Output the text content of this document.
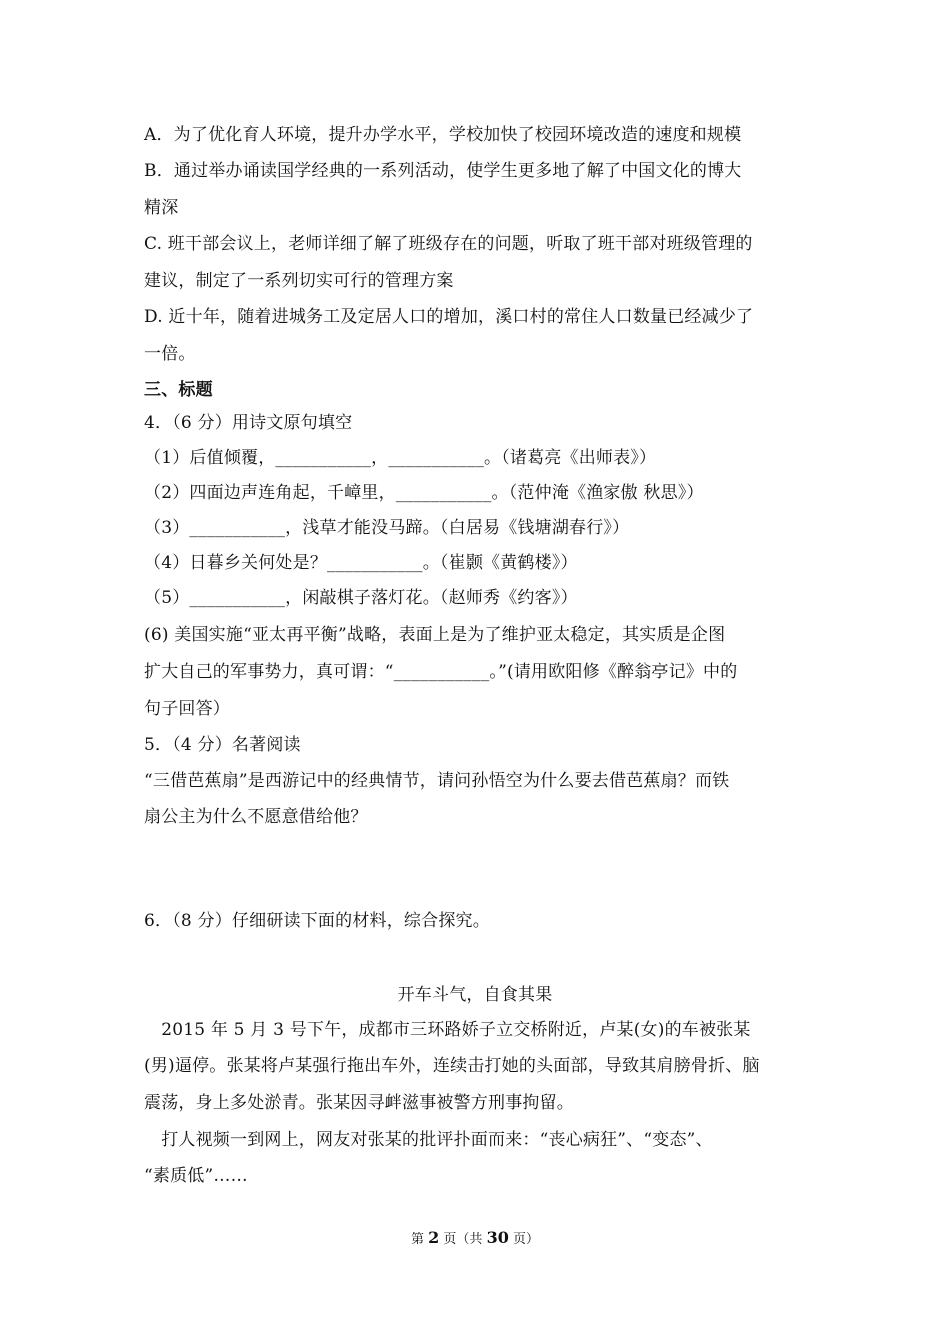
A．为了优化育人环境，提升办学水平，学校加快了校园环境改造的速度和规模
B．通过举办诵读国学经典的一系列活动，使学生更多地了解了中国文化的博大
精深
C. 班干部会议上，老师详细了解了班级存在的问题，听取了班干部对班级管理的
建议，制定了一系列切实可行的管理方案
D. 近十年，随着进城务工及定居人口的增加，溪口村的常住人口数量已经减少了
一倍。
三、标题
4．（6 分）用诗文原句填空
（1）后值倾覆，___________，___________。（诸葛亮《出师表》）
（2）四面边声连角起，千嶂里，___________。（范仲淹《渔家傲 秋思》）
（3）___________，浅草才能没马蹄。（白居易《钱塘湖春行》）
（4）日暮乡关何处是？___________。（崔颢《黄鹤楼》）
（5）___________，闲敲棋子落灯花。（赵师秀《约客》）
(6) 美国实施“亚太再平衡”战略，表面上是为了维护亚太稳定，其实质是企图
扩大自己的军事势力，真可谓：“___________。”(请用欧阳修《醉翁亭记》中的
句子回答）
5．（4 分）名著阅读
“三借芭蕉扇”是西游记中的经典情节，请问孙悟空为什么要去借芭蕉扇？而铁
扇公主为什么不愿意借给他？
6．（8 分）仔细研读下面的材料，综合探究。
开车斗气，自食其果
　2015 年 5 月 3 号下午，成都市三环路娇子立交桥附近，卢某(女)的车被张某
(男)逼停。张某将卢某强行拖出车外，连续击打她的头面部，导致其肩膀骨折、脑
震荡，身上多处淤青。张某因寻衅滋事被警方刑事拘留。
　打人视频一到网上，网友对张某的批评扑面而来：“丧心病狂”、“变态”、
“素质低”……
第 2 页（共 30 页）
